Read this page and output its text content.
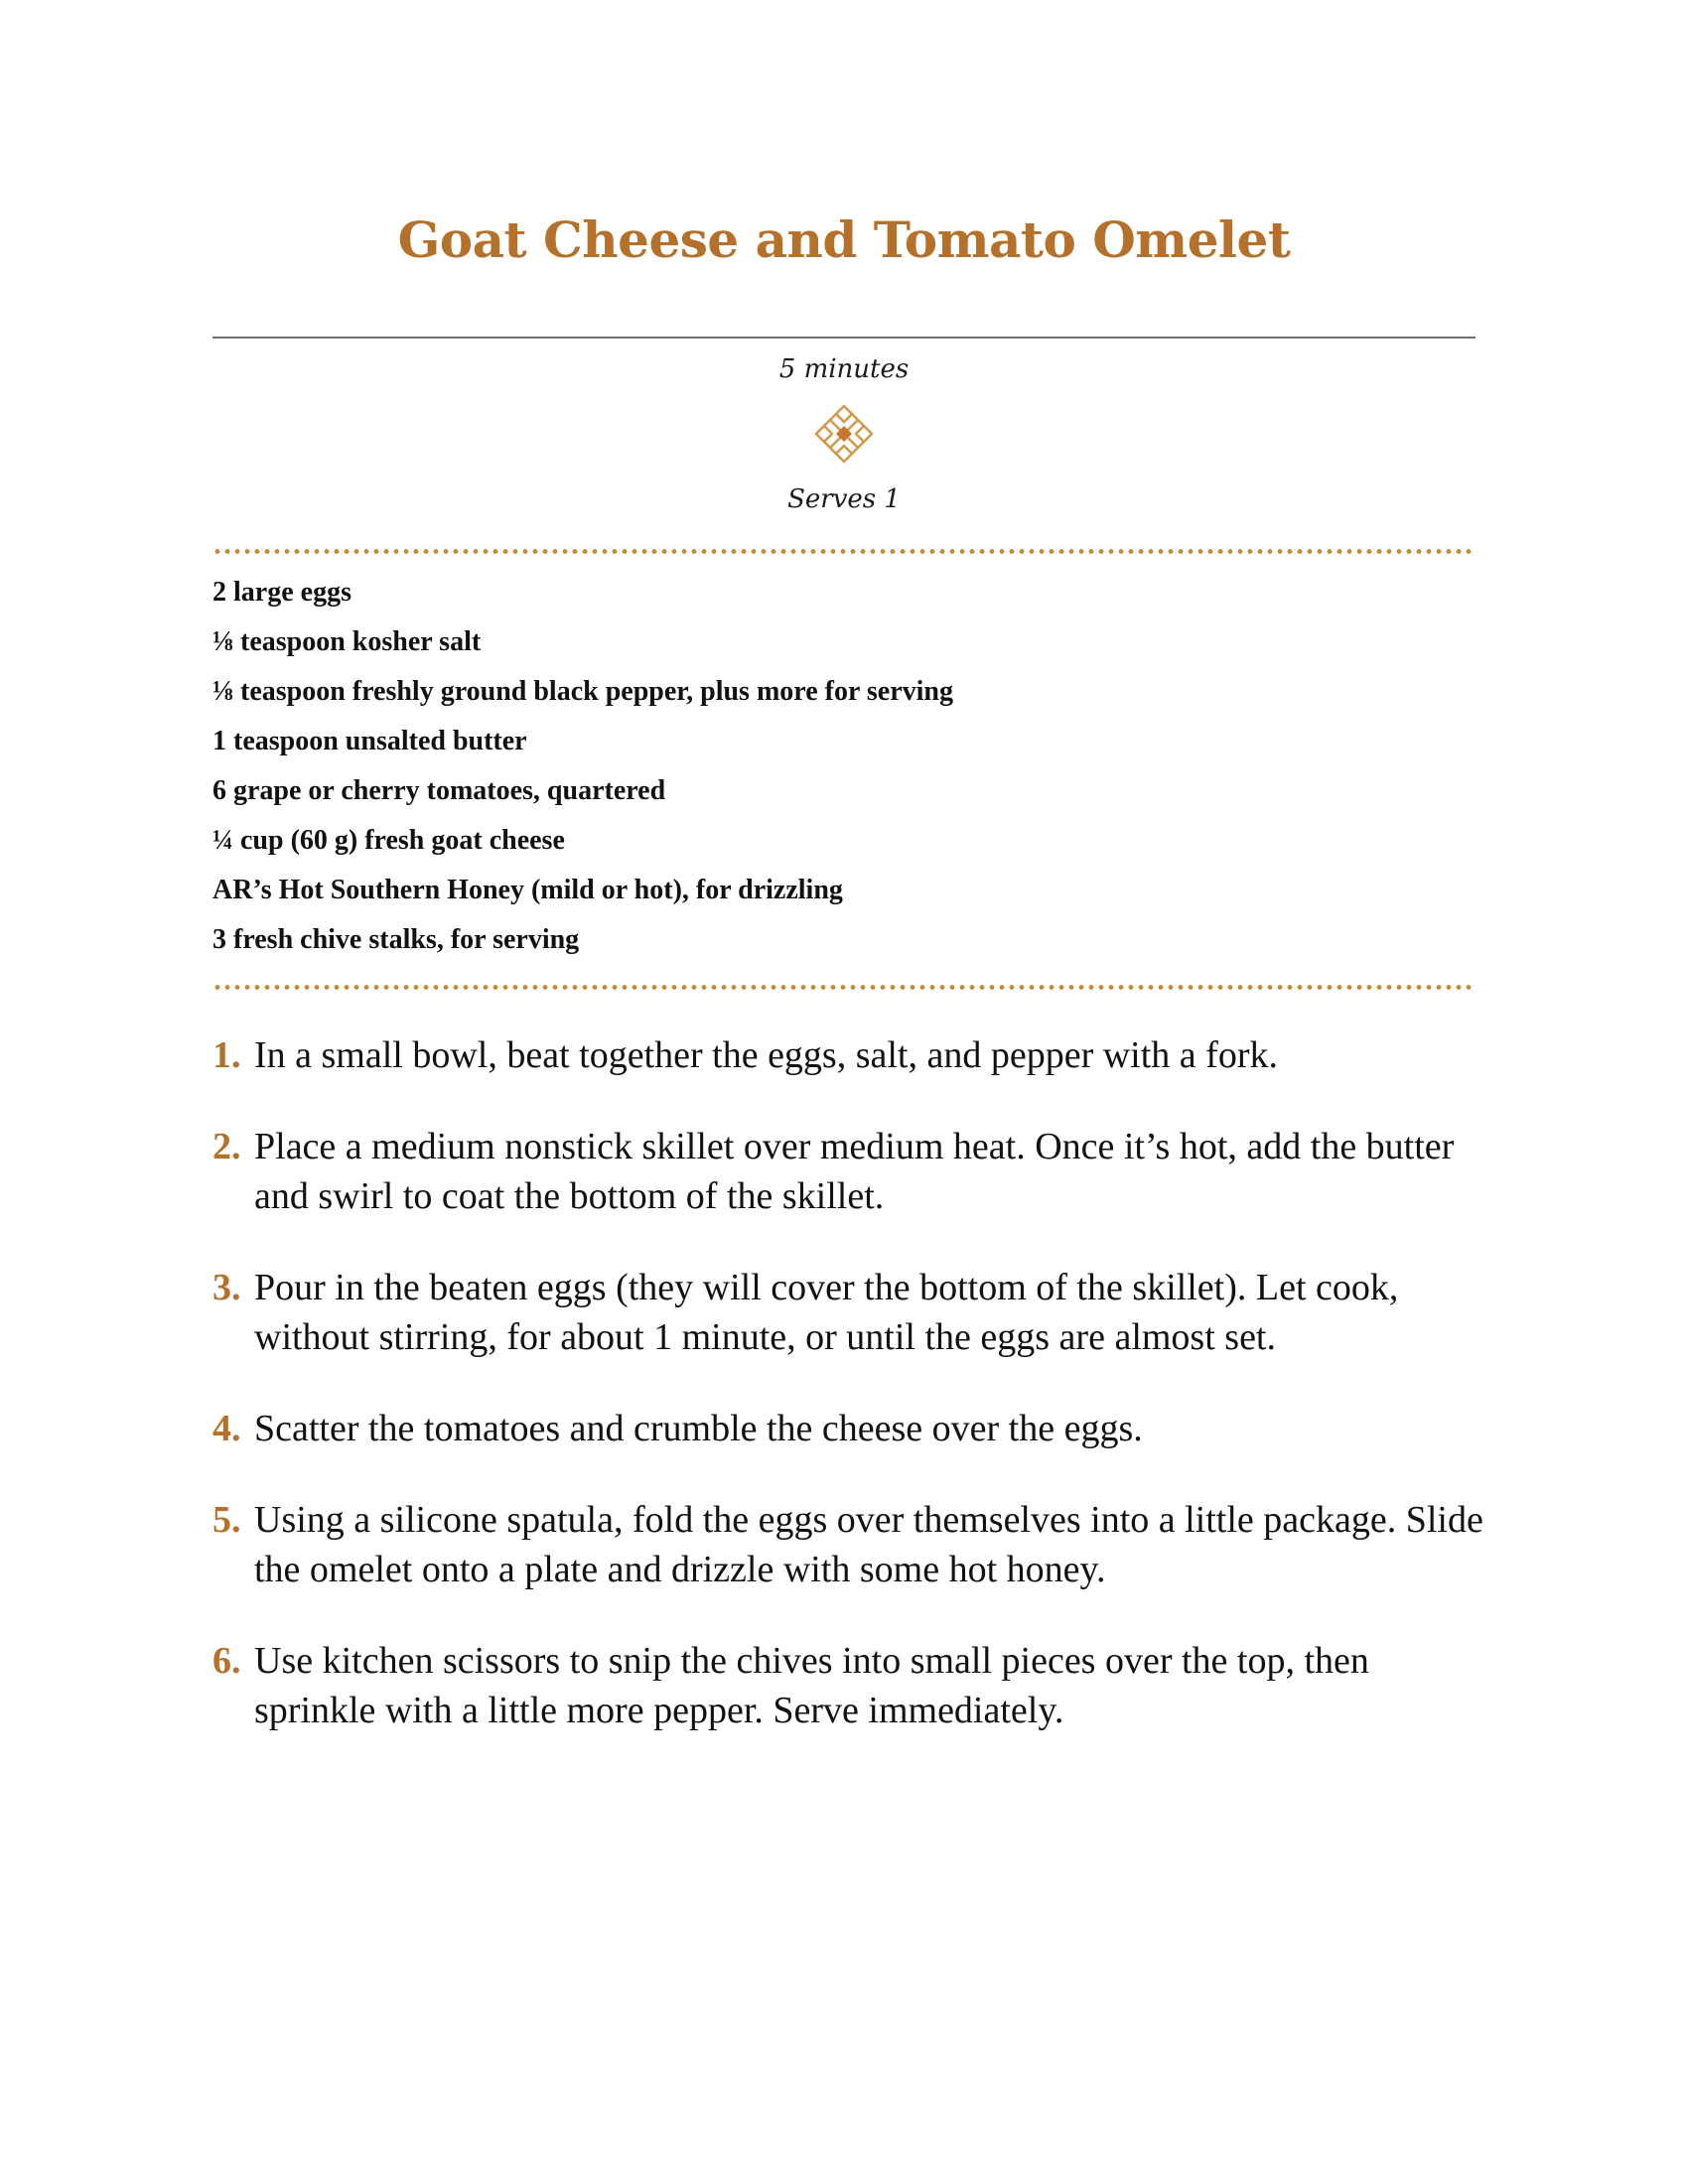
Goat Cheese and Tomato Omelet
5 minutes
Serves 1
2 large eggs
⅛ teaspoon kosher salt
⅛ teaspoon freshly ground black pepper, plus more for serving
1 teaspoon unsalted butter
6 grape or cherry tomatoes, quartered
¼ cup (60 g) fresh goat cheese
AR’s Hot Southern Honey (mild or hot), for drizzling
3 fresh chive stalks, for serving
1. In a small bowl, beat together the eggs, salt, and pepper with a fork.
2. Place a medium nonstick skillet over medium heat. Once it’s hot, add the butter and swirl to coat the bottom of the skillet.
3. Pour in the beaten eggs (they will cover the bottom of the skillet). Let cook, without stirring, for about 1 minute, or until the eggs are almost set.
4. Scatter the tomatoes and crumble the cheese over the eggs.
5. Using a silicone spatula, fold the eggs over themselves into a little package. Slide the omelet onto a plate and drizzle with some hot honey.
6. Use kitchen scissors to snip the chives into small pieces over the top, then sprinkle with a little more pepper. Serve immediately.
